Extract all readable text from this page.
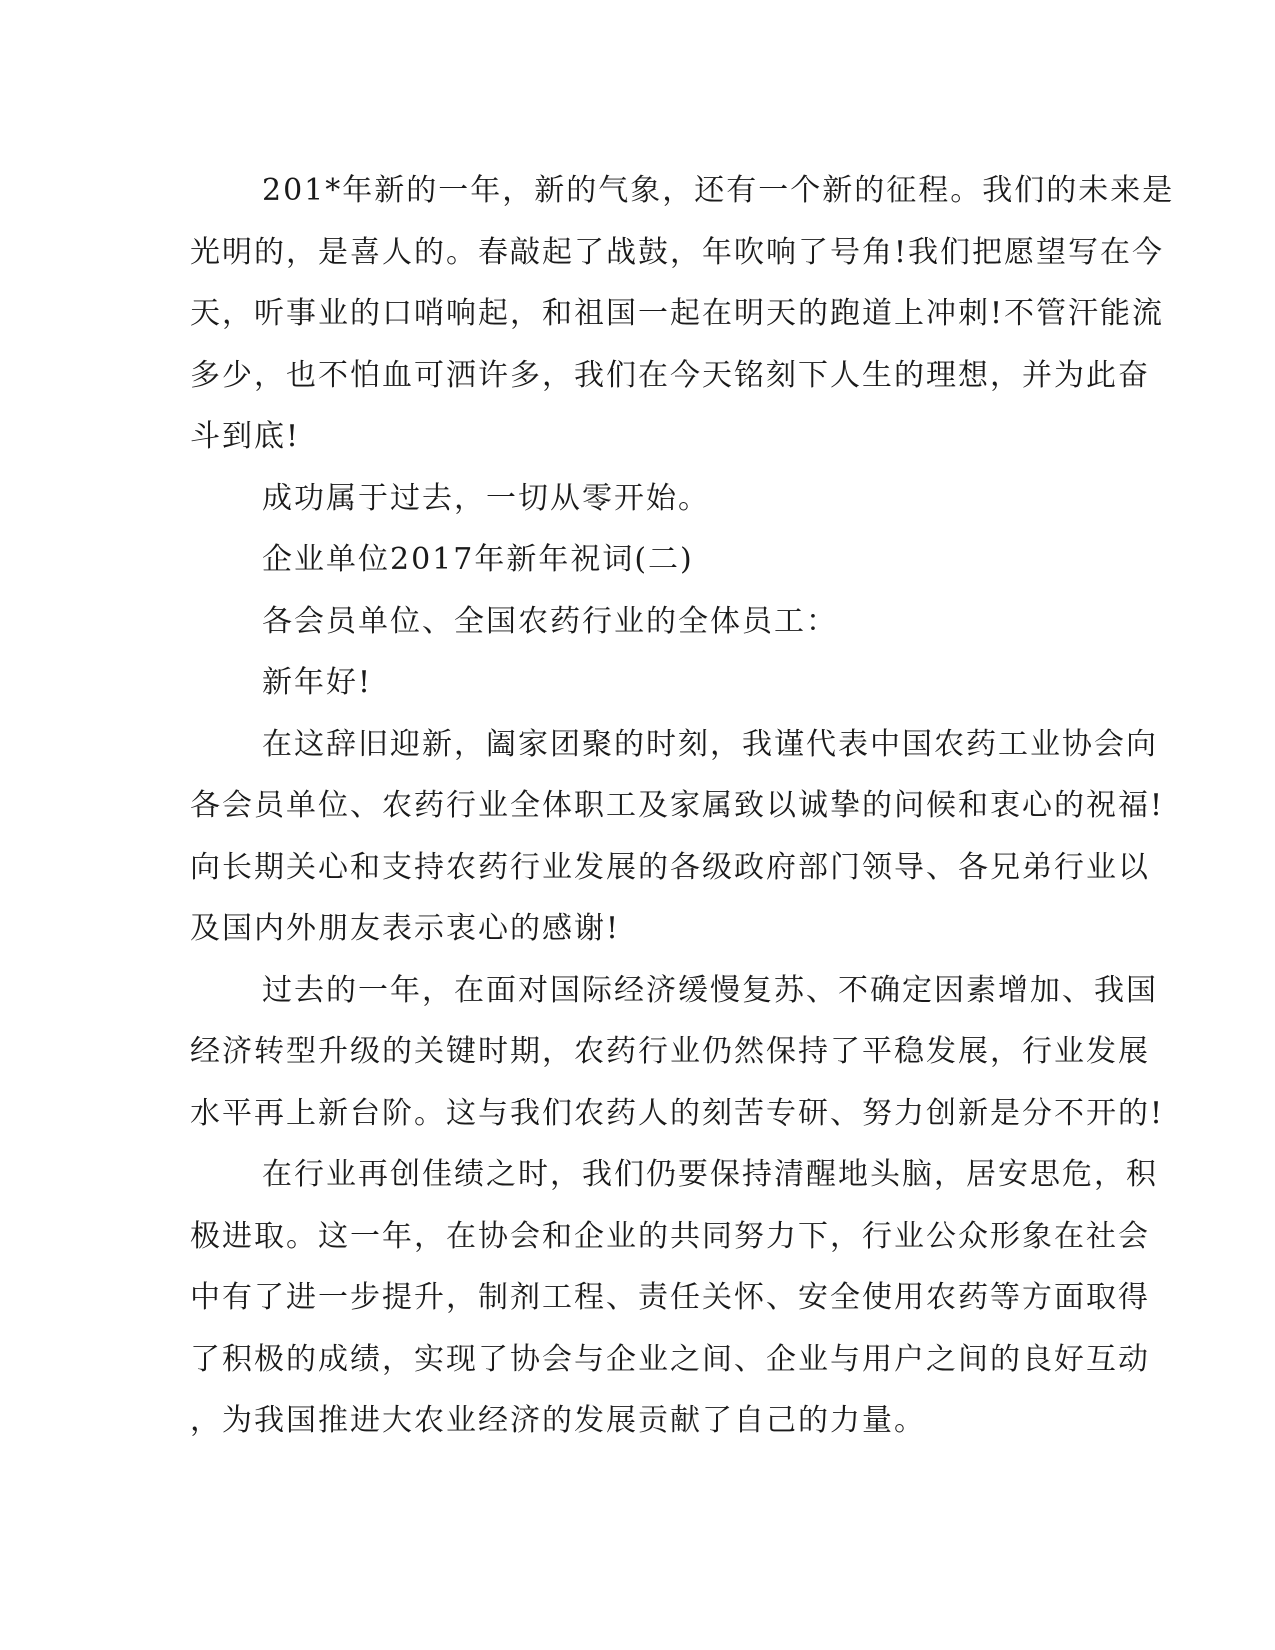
201*年新的一年，新的气象，还有一个新的征程。我们的未来是
光明的，是喜人的。春敲起了战鼓，年吹响了号角!我们把愿望写在今
天，听事业的口哨响起，和祖国一起在明天的跑道上冲刺!不管汗能流
多少，也不怕血可洒许多，我们在今天铭刻下人生的理想，并为此奋
斗到底!
成功属于过去，一切从零开始。
企业单位2017年新年祝词(二)
各会员单位、全国农药行业的全体员工：
新年好!
在这辞旧迎新，阖家团聚的时刻，我谨代表中国农药工业协会向
各会员单位、农药行业全体职工及家属致以诚挚的问候和衷心的祝福!
向长期关心和支持农药行业发展的各级政府部门领导、各兄弟行业以
及国内外朋友表示衷心的感谢!
过去的一年，在面对国际经济缓慢复苏、不确定因素增加、我国
经济转型升级的关键时期，农药行业仍然保持了平稳发展，行业发展
水平再上新台阶。这与我们农药人的刻苦专研、努力创新是分不开的!
在行业再创佳绩之时，我们仍要保持清醒地头脑，居安思危，积
极进取。这一年，在协会和企业的共同努力下，行业公众形象在社会
中有了进一步提升，制剂工程、责任关怀、安全使用农药等方面取得
了积极的成绩，实现了协会与企业之间、企业与用户之间的良好互动
，为我国推进大农业经济的发展贡献了自己的力量。
